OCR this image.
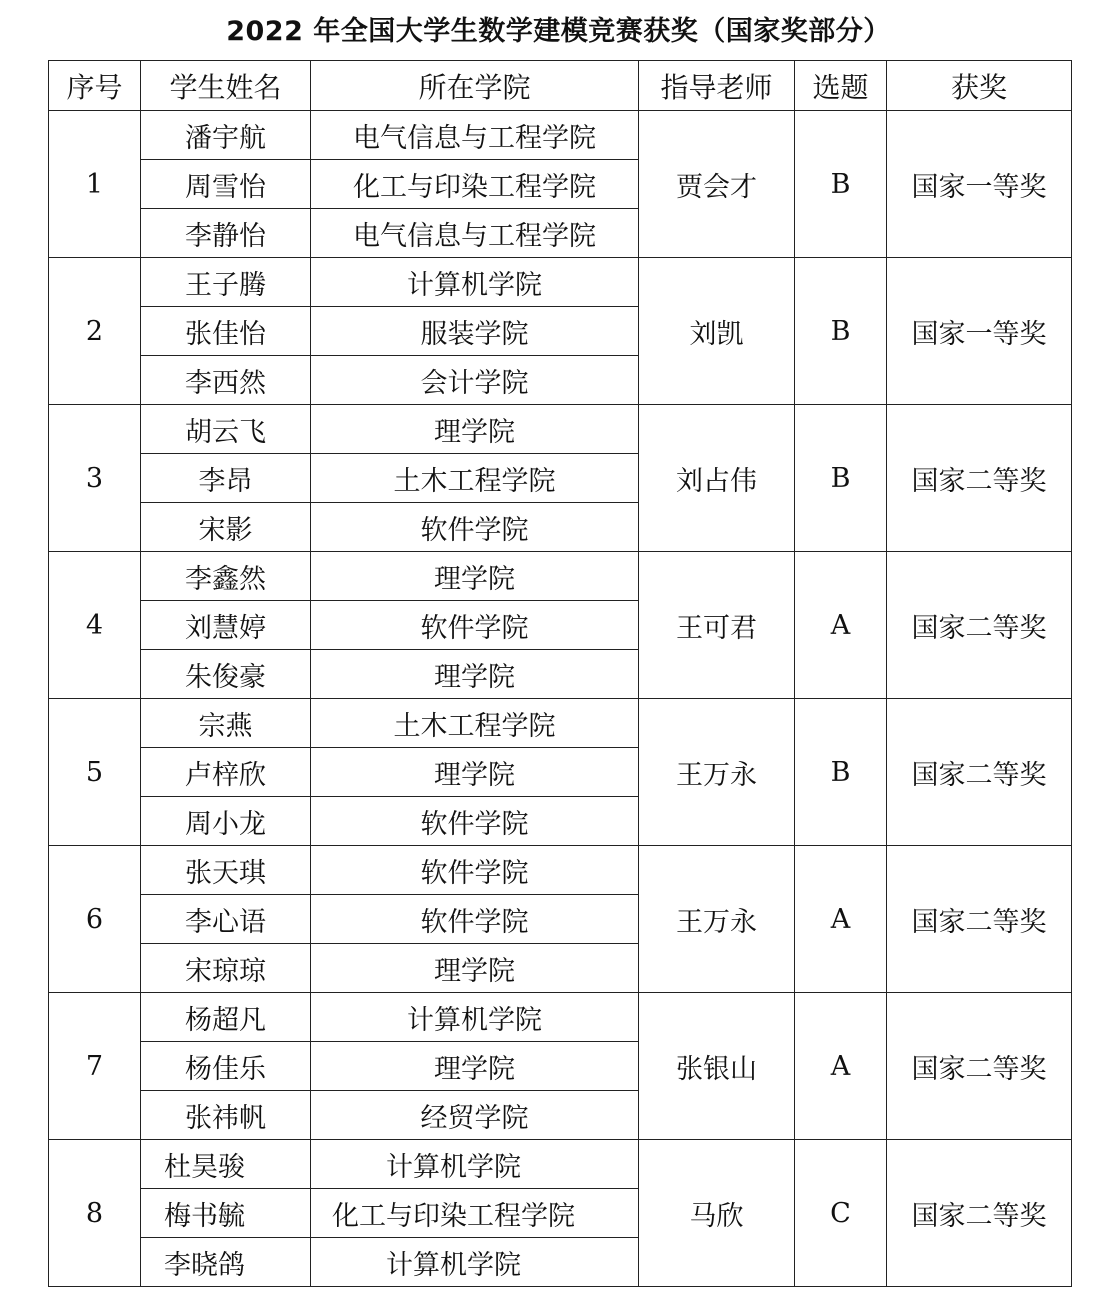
2022 年全国大学生数学建模竞赛获奖（国家奖部分）
序号	学生姓名	所在学院	指导老师	选题	获奖
1	潘宇航	电气信息与工程学院	贾会才	B	国家一等奖
	周雪怡	化工与印染工程学院			
	李静怡	电气信息与工程学院			
2	王子腾	计算机学院	刘凯	B	国家一等奖
	张佳怡	服装学院			
	李西然	会计学院			
3	胡云飞	理学院	刘占伟	B	国家二等奖
	李昂	土木工程学院			
	宋影	软件学院			
4	李鑫然	理学院	王可君	A	国家二等奖
	刘慧婷	软件学院			
	朱俊豪	理学院			
5	宗燕	土木工程学院	王万永	B	国家二等奖
	卢梓欣	理学院			
	周小龙	软件学院			
6	张天琪	软件学院	王万永	A	国家二等奖
	李心语	软件学院			
	宋琼琼	理学院			
7	杨超凡	计算机学院	张银山	A	国家二等奖
	杨佳乐	理学院			
	张祎帆	经贸学院			
8	杜昊骏	计算机学院	马欣	C	国家二等奖
	梅书毓	化工与印染工程学院			
	李晓鸽	计算机学院			
